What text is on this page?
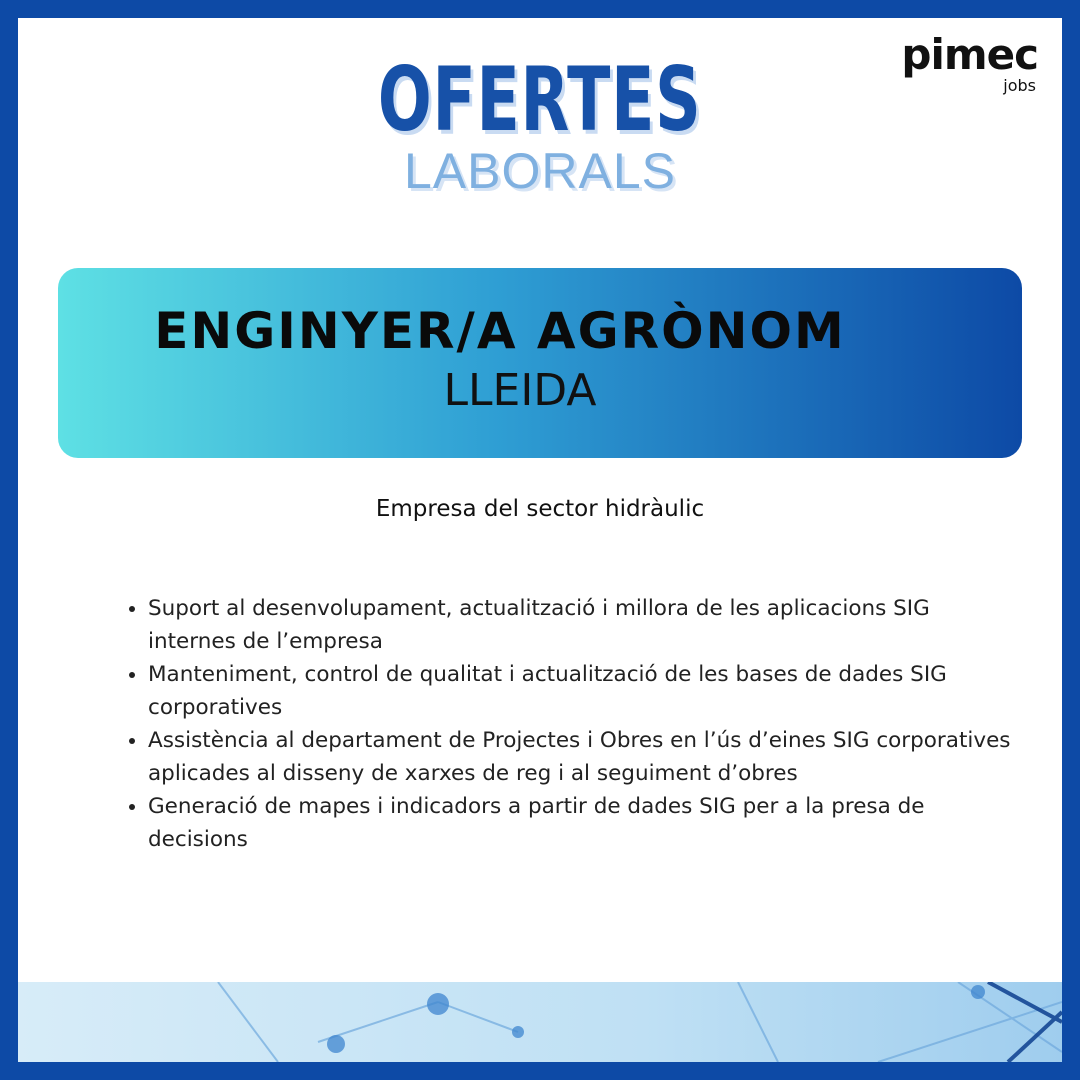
pimec
jobs
OFERTES
LABORALS
ENGINYER/A AGRÒNOM
LLEIDA
Empresa del sector hidràulic
• Suport al desenvolupament, actualització i millora de les aplicacions SIG internes de l’empresa
• Manteniment, control de qualitat i actualització de les bases de dades SIG corporatives
• Assistència al departament de Projectes i Obres en l’ús d’eines SIG corporatives aplicades al disseny de xarxes de reg i al seguiment d’obres
• Generació de mapes i indicadors a partir de dades SIG per a la presa de decisions
